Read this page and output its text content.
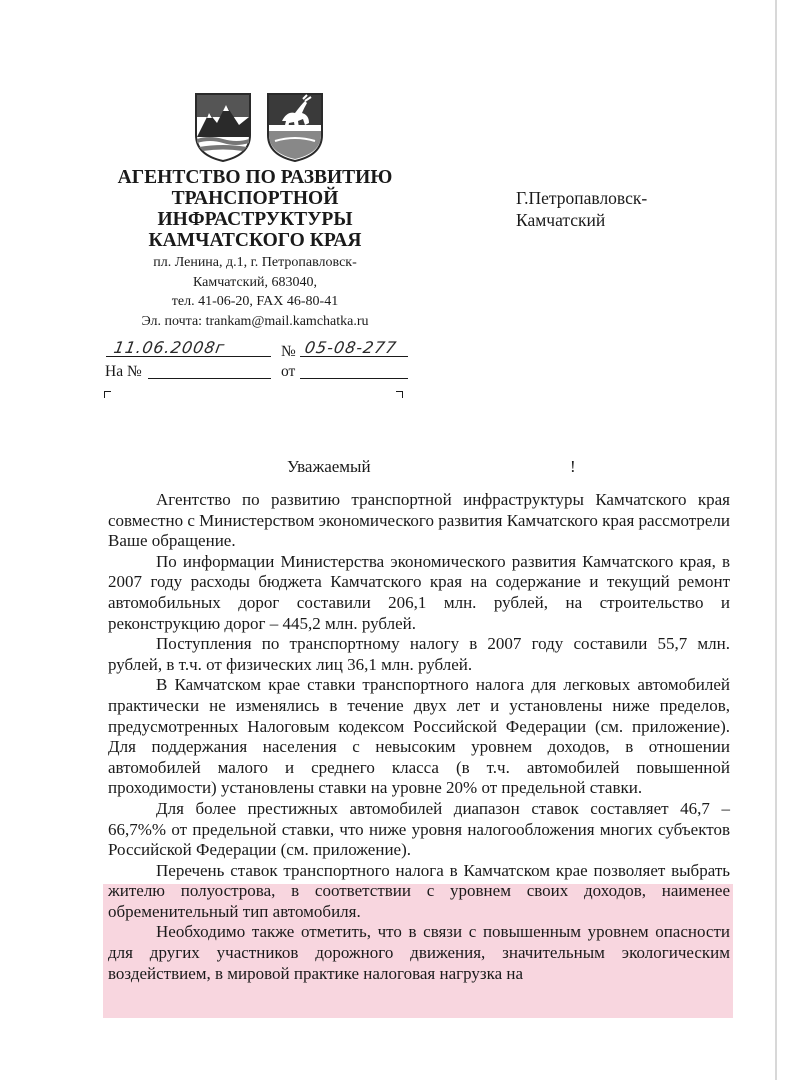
АГЕНТСТВО ПО РАЗВИТИЮ
ТРАНСПОРТНОЙ
ИНФРАСТРУКТУРЫ
КАМЧАТСКОГО КРАЯ
пл. Ленина, д.1, г. Петропавловск-
Камчатский, 683040,
тел. 41-06-20, FAX 46-80-41
Эл. почта: trankam@mail.kamchatka.ru
Г.Петропавловск-
Камчатский
11.06.2008г	№ 05-08-277
На №	от
Уважаемый	!

Агентство по развитию транспортной инфраструктуры Камчатского края совместно с Министерством экономического развития Камчатского края рассмотрели Ваше обращение.

По информации Министерства экономического развития Камчатского края, в 2007 году расходы бюджета Камчатского края на содержание и текущий ремонт автомобильных дорог составили 206,1 млн. рублей, на строительство и реконструкцию дорог – 445,2 млн. рублей.

Поступления по транспортному налогу в 2007 году составили 55,7 млн. рублей, в т.ч. от физических лиц 36,1 млн. рублей.

В Камчатском крае ставки транспортного налога для легковых автомобилей практически не изменялись в течение двух лет и установлены ниже пределов, предусмотренных Налоговым кодексом Российской Федерации (см. приложение). Для поддержания населения с невысоким уровнем доходов, в отношении автомобилей малого и среднего класса (в т.ч. автомобилей повышенной проходимости) установлены ставки на уровне 20% от предельной ставки.

Для более престижных автомобилей диапазон ставок составляет 46,7 – 66,7%% от предельной ставки, что ниже уровня налогообложения многих субъектов Российской Федерации (см. приложение).

Перечень ставок транспортного налога в Камчатском крае позволяет выбрать жителю полуострова, в соответствии с уровнем своих доходов, наименее обременительный тип автомобиля.

Необходимо также отметить, что в связи с повышенным уровнем опасности для других участников дорожного движения, значительным экологическим воздействием, в мировой практике налоговая нагрузка на
